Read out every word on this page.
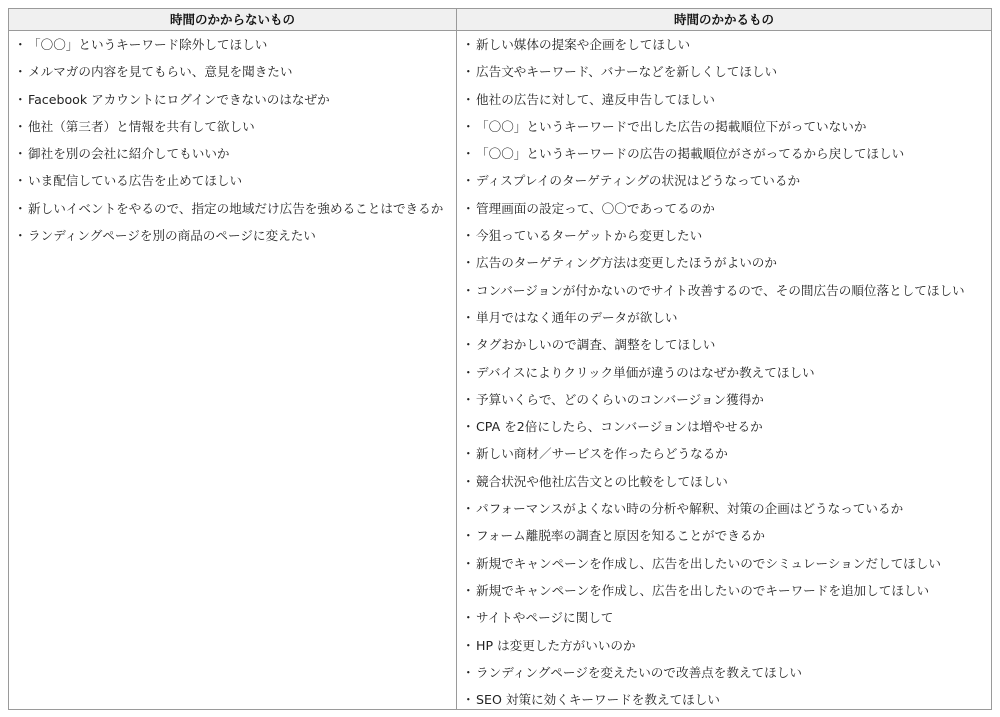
時間のかからないもの
・「〇〇」というキーワード除外してほしい
・メルマガの内容を見てもらい、意見を聞きたい
・Facebook アカウントにログインできないのはなぜか
・他社（第三者）と情報を共有して欲しい
・御社を別の会社に紹介してもいいか
・いま配信している広告を止めてほしい
・新しいイベントをやるので、指定の地域だけ広告を強めることはできるか
・ランディングページを別の商品のページに変えたい
時間のかかるもの
・新しい媒体の提案や企画をしてほしい
・広告文やキーワード、バナーなどを新しくしてほしい
・他社の広告に対して、違反申告してほしい
・「〇〇」というキーワードで出した広告の掲載順位下がっていないか
・「〇〇」というキーワードの広告の掲載順位がさがってるから戻してほしい
・ディスプレイのターゲティングの状況はどうなっているか
・管理画面の設定って、〇〇であってるのか
・今狙っているターゲットから変更したい
・広告のターゲティング方法は変更したほうがよいのか
・コンバージョンが付かないのでサイト改善するので、その間広告の順位落としてほしい
・単月ではなく通年のデータが欲しい
・タグおかしいので調査、調整をしてほしい
・デバイスによりクリック単価が違うのはなぜか教えてほしい
・予算いくらで、どのくらいのコンバージョン獲得か
・CPA を2倍にしたら、コンバージョンは増やせるか
・新しい商材／サービスを作ったらどうなるか
・競合状況や他社広告文との比較をしてほしい
・パフォーマンスがよくない時の分析や解釈、対策の企画はどうなっているか
・フォーム離脱率の調査と原因を知ることができるか
・新規でキャンペーンを作成し、広告を出したいのでシミュレーションだしてほしい
・新規でキャンペーンを作成し、広告を出したいのでキーワードを追加してほしい
・サイトやページに関して
・HP は変更した方がいいのか
・ランディングページを変えたいので改善点を教えてほしい
・SEO 対策に効くキーワードを教えてほしい
